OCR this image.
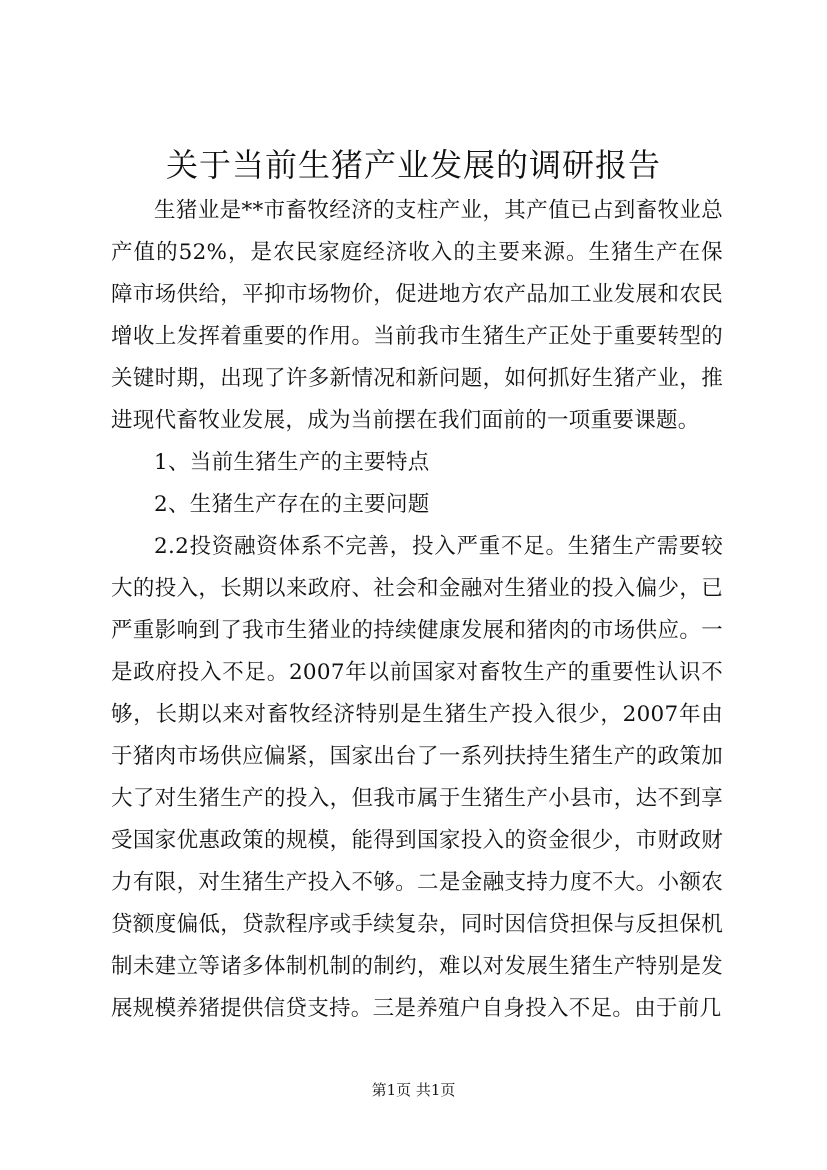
关于当前生猪产业发展的调研报告

生猪业是**市畜牧经济的支柱产业，其产值已占到畜牧业总产值的52%，是农民家庭经济收入的主要来源。生猪生产在保障市场供给，平抑市场物价，促进地方农产品加工业发展和农民增收上发挥着重要的作用。当前我市生猪生产正处于重要转型的关键时期，出现了许多新情况和新问题，如何抓好生猪产业，推进现代畜牧业发展，成为当前摆在我们面前的一项重要课题。

1、当前生猪生产的主要特点

2、生猪生产存在的主要问题

2.2投资融资体系不完善，投入严重不足。生猪生产需要较大的投入，长期以来政府、社会和金融对生猪业的投入偏少，已严重影响到了我市生猪业的持续健康发展和猪肉的市场供应。一是政府投入不足。2007年以前国家对畜牧生产的重要性认识不够，长期以来对畜牧经济特别是生猪生产投入很少，2007年由于猪肉市场供应偏紧，国家出台了一系列扶持生猪生产的政策加大了对生猪生产的投入，但我市属于生猪生产小县市，达不到享受国家优惠政策的规模，能得到国家投入的资金很少，市财政财力有限，对生猪生产投入不够。二是金融支持力度不大。小额农贷额度偏低，贷款程序或手续复杂，同时因信贷担保与反担保机制未建立等诸多体制机制的制约，难以对发展生猪生产特别是发展规模养猪提供信贷支持。三是养殖户自身投入不足。由于前几

第1页 共1页
